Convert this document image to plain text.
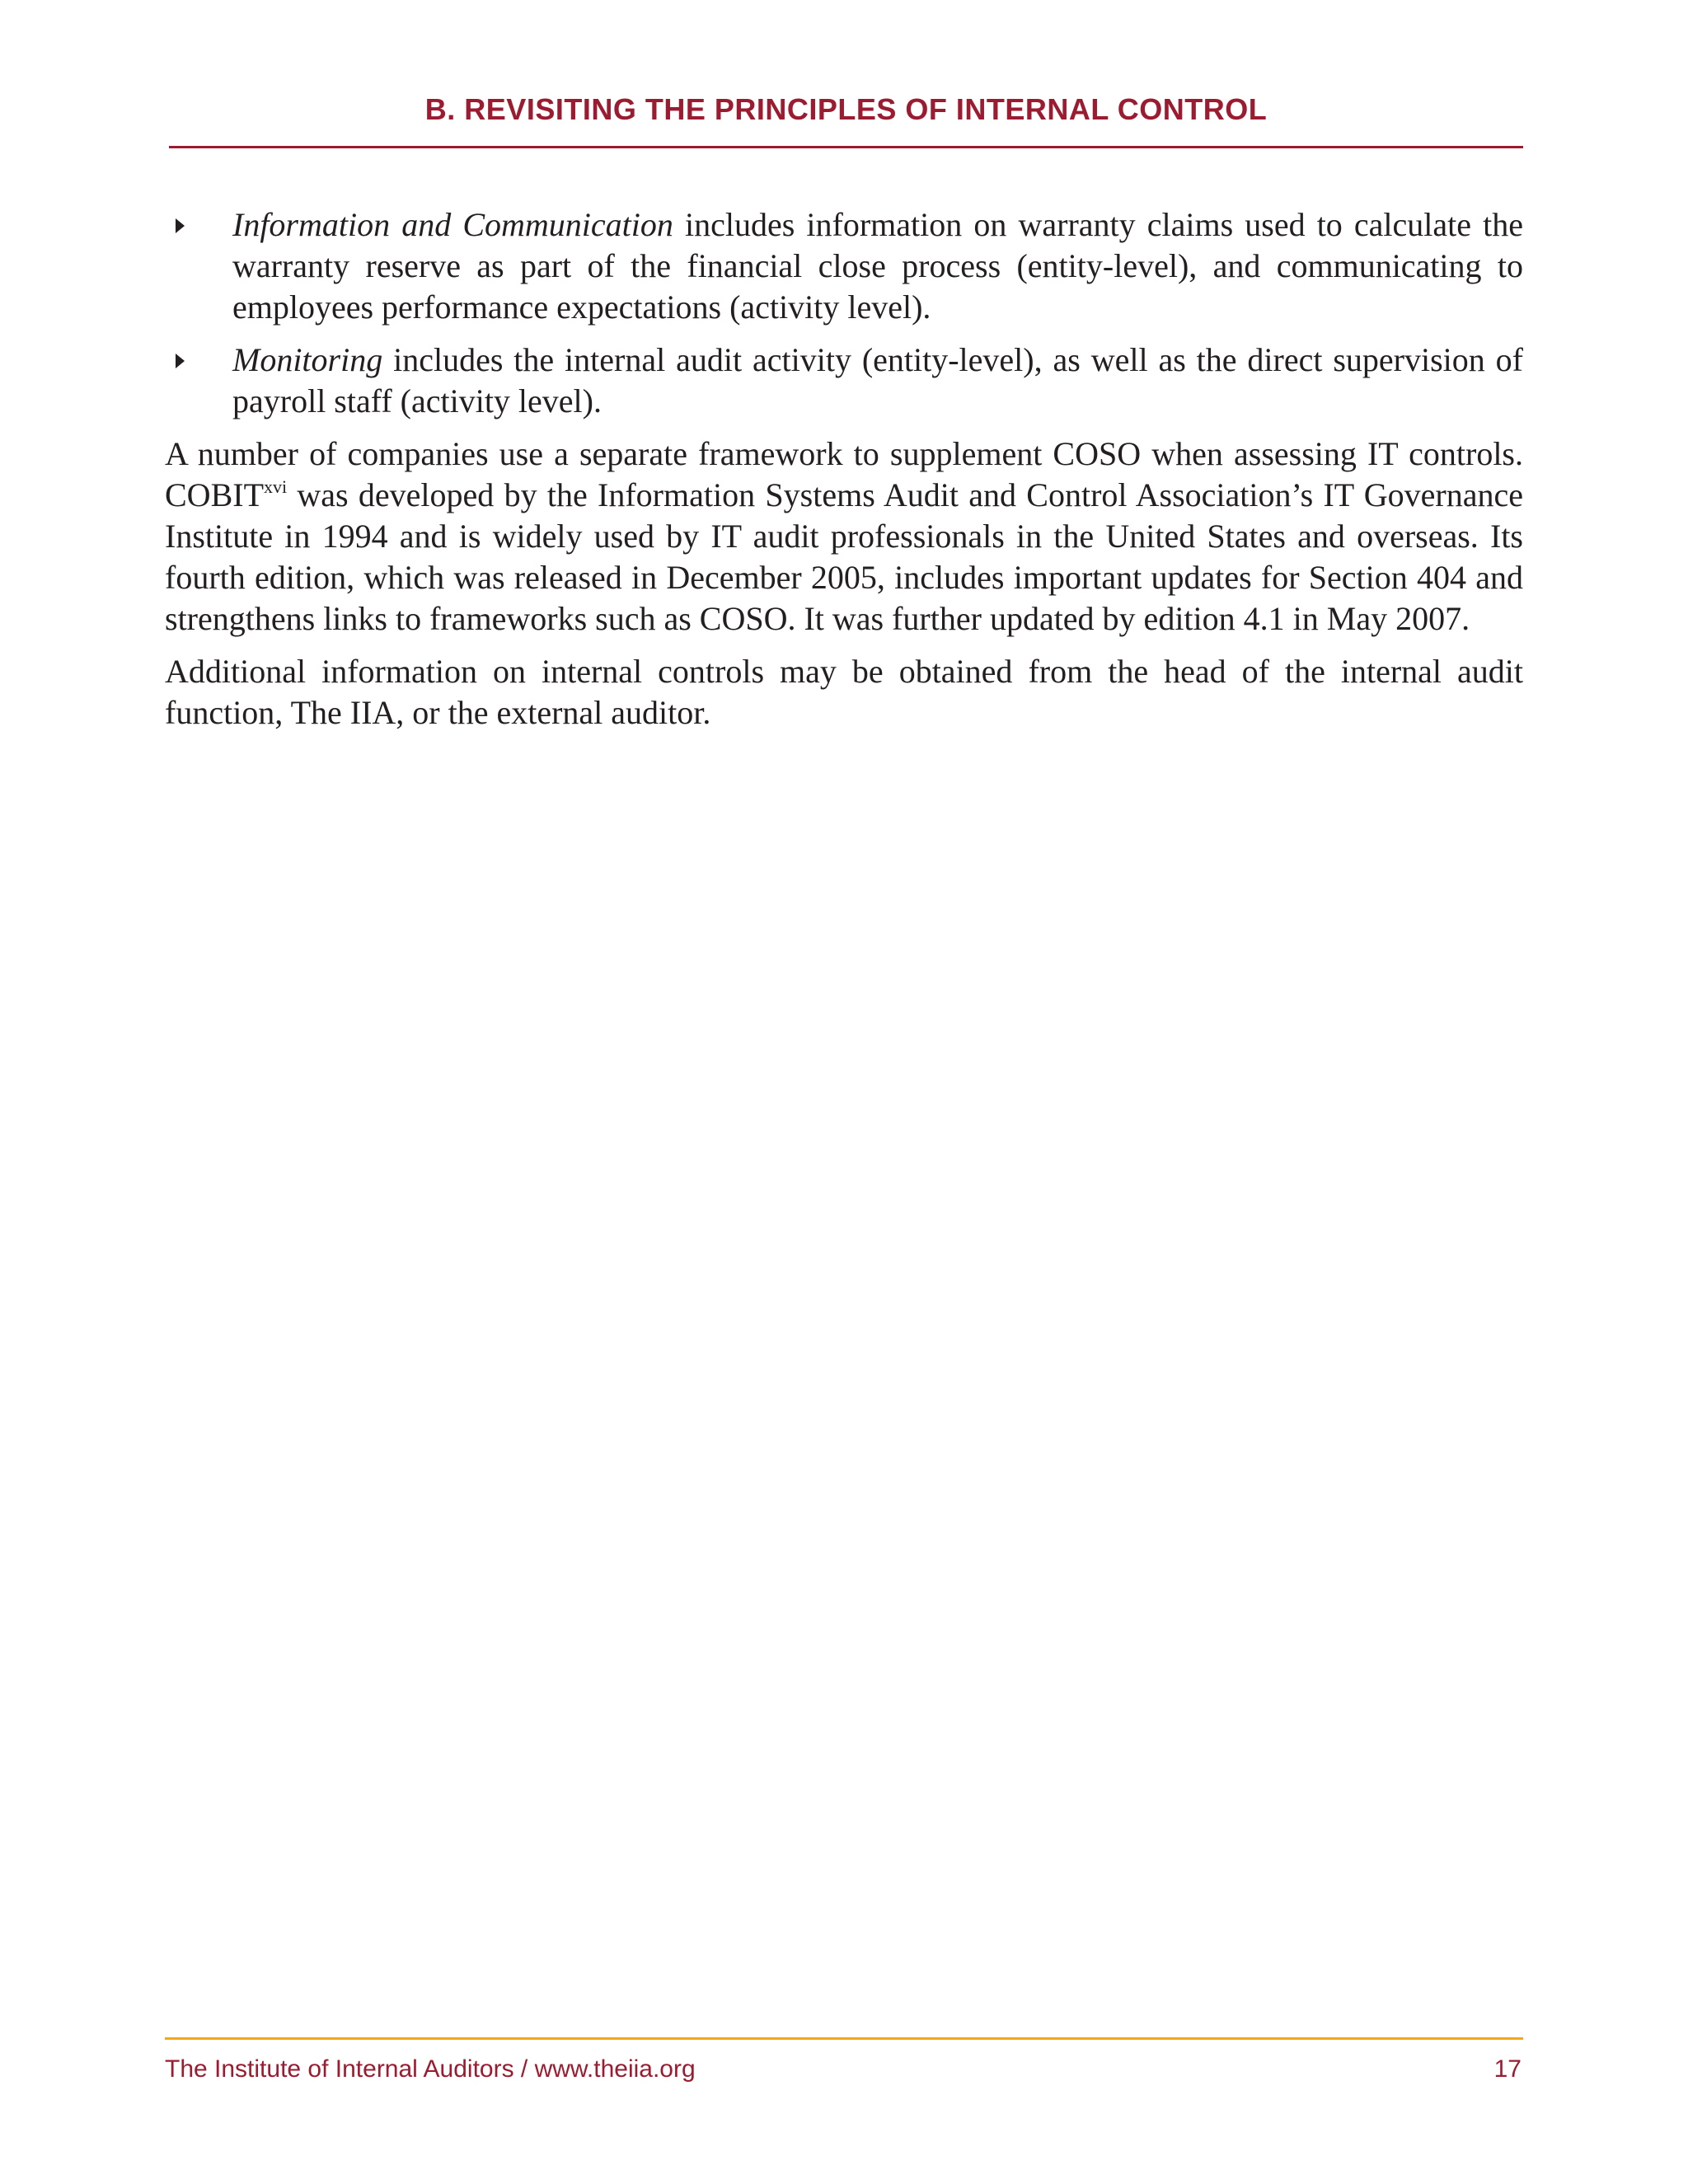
B. REVISITING THE PRINCIPLES OF INTERNAL CONTROL
Information and Communication includes information on warranty claims used to calculate the warranty reserve as part of the financial close process (entity-level), and communicating to employees performance expectations (activity level).
Monitoring includes the internal audit activity (entity-level), as well as the direct supervision of payroll staff (activity level).

A number of companies use a separate framework to supplement COSO when assessing IT controls. COBIT$^{xvi}$ was developed by the Information Systems Audit and Control Association’s IT Governance Institute in 1994 and is widely used by IT audit professionals in the United States and overseas. Its fourth edition, which was released in December 2005, includes important updates for Section 404 and strengthens links to frameworks such as COSO. It was further updated by edition 4.1 in May 2007.

Additional information on internal controls may be obtained from the head of the internal audit function, The IIA, or the external auditor.

The Institute of Internal Auditors / www.theiia.org	17
